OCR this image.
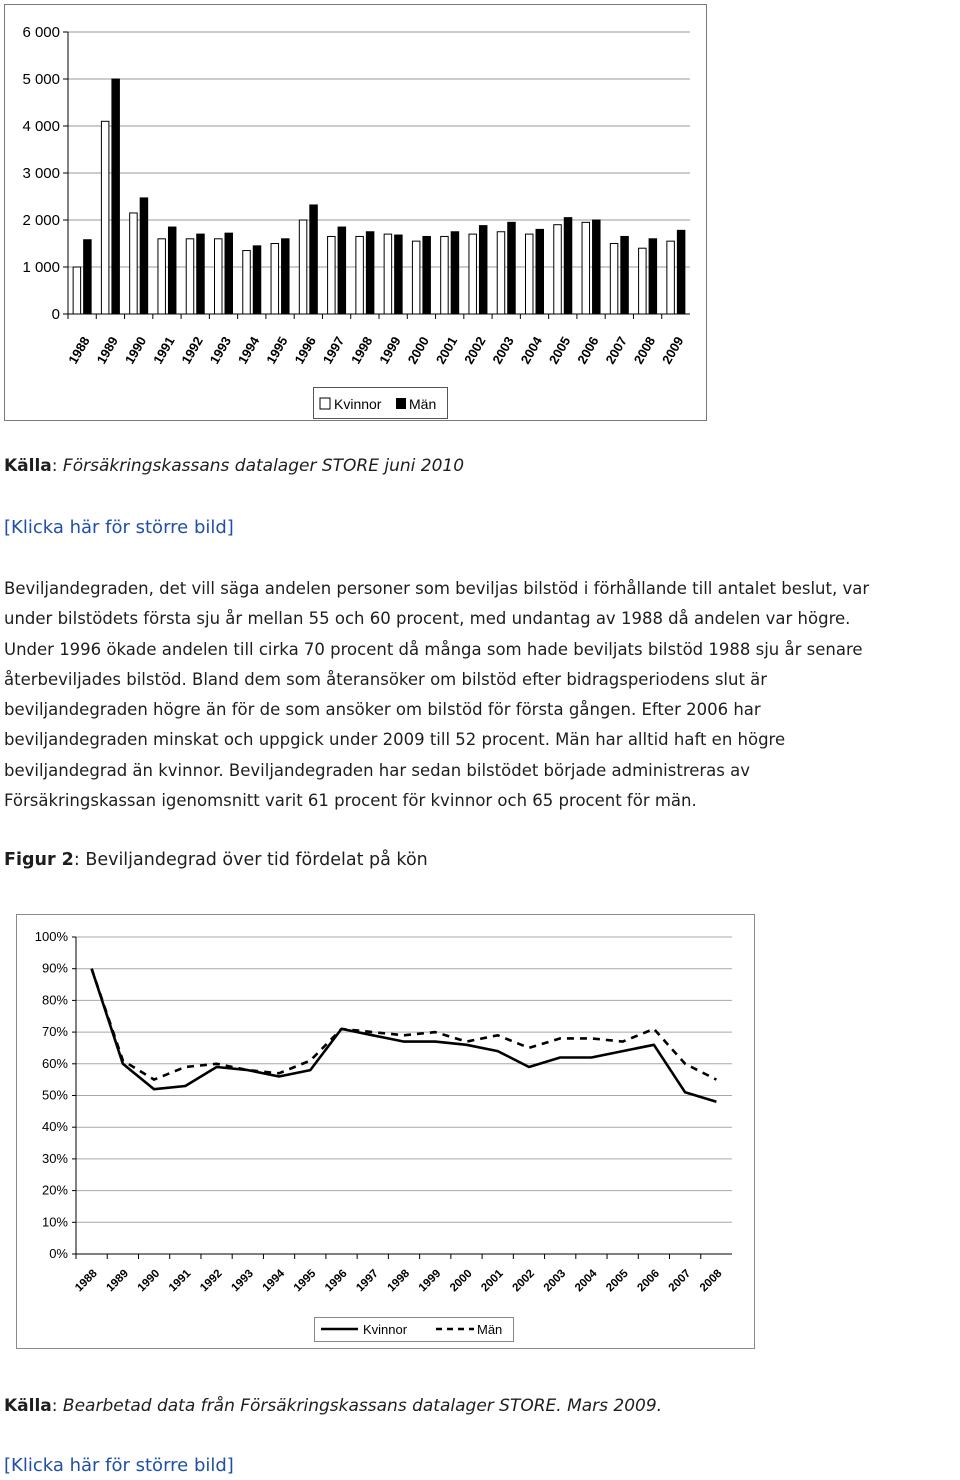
0
1 000
2 000
3 000
4 000
5 000
6 000
1988 1989 1990 1991 1992 1993 1994 1995 1996 1997 1998 1999 2000 2001 2002 2003 2004 2005 2006 2007 2008 2009
Kvinnor Män

Källa: Försäkringskassans datalager STORE juni 2010

[Klicka här för större bild]
Beviljandegraden, det vill säga andelen personer som beviljas bilstöd i förhållande till antalet beslut, var
under bilstödets första sju år mellan 55 och 60 procent, med undantag av 1988 då andelen var högre.
Under 1996 ökade andelen till cirka 70 procent då många som hade beviljats bilstöd 1988 sju år senare
återbeviljades bilstöd. Bland dem som återansöker om bilstöd efter bidragsperiodens slut är
beviljandegraden högre än för de som ansöker om bilstöd för första gången. Efter 2006 har
beviljandegraden minskat och uppgick under 2009 till 52 procent. Män har alltid haft en högre
beviljandegrad än kvinnor. Beviljandegraden har sedan bilstödet började administreras av
Försäkringskassan igenomsnitt varit 61 procent för kvinnor och 65 procent för män.

Figur 2: Beviljandegrad över tid fördelat på kön

0%
10%
20%
30%
40%
50%
60%
70%
80%
90%
100%
1988 1989 1990 1991 1992 1993 1994 1995 1996 1997 1998 1999 2000 2001 2002 2003 2004 2005 2006 2007 2008
Kvinnor	Män

Källa: Bearbetad data från Försäkringskassans datalager STORE. Mars 2009.

[Klicka här för större bild]
